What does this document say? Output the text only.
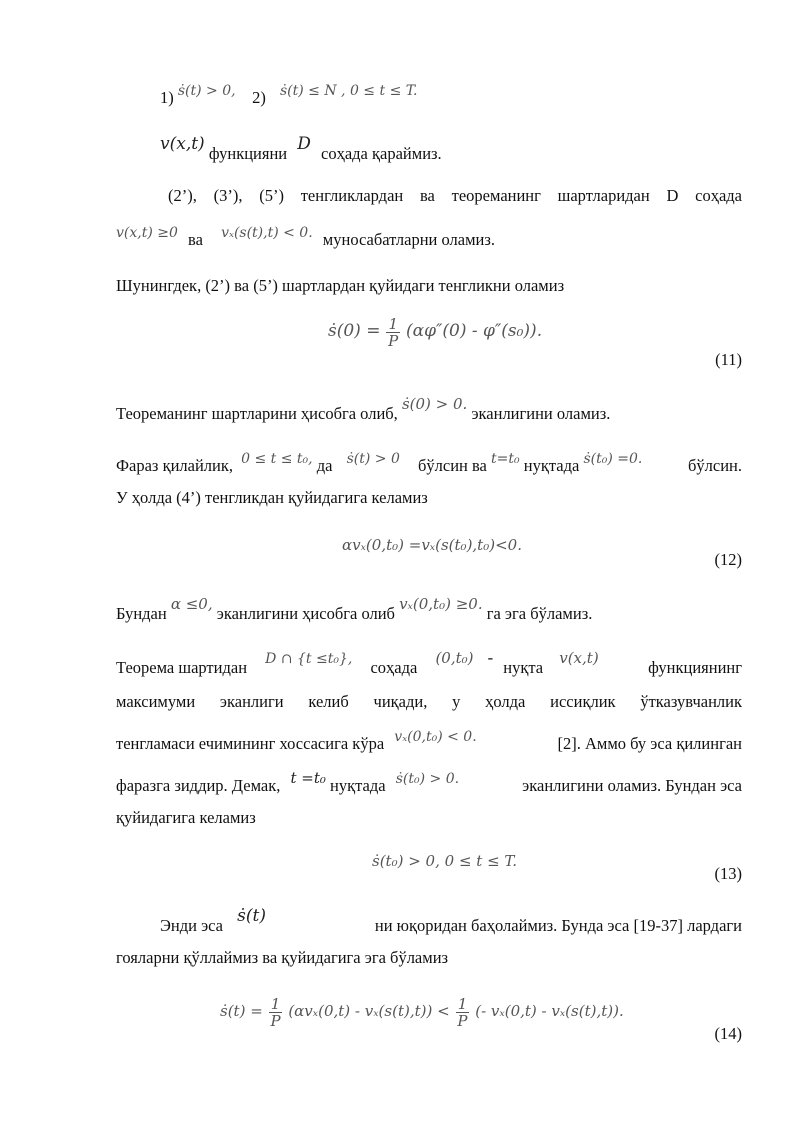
1) ṡ(t) > 0, 2) ṡ(t) ≤ N , 0 ≤ t ≤ T.
v(x,t) функцияни D соҳада қараймиз.
(2’), (3’), (5’) тенгликлардан ва теореманинг шартларидан D соҳада
v(x,t) ≥0 ва vₓ(s(t),t) < 0. муносабатларни оламиз.
Шунингдек, (2’) ва (5’) шартлардан қуйидаги тенгликни оламиз
ṡ(0) = $\frac{1}{P} (\alpha\varphi''(0) - \varphi''(s_0))$.
(11)
Теореманинг шартларини ҳисобга олиб, ṡ(0) > 0. эканлигини оламиз.
Фараз қилайлик, 0 ≤ t ≤ t₀, да ṡ(t) > 0 бўлсин ва t=t₀ нуқтада ṡ(t₀) =0.	бўлсин.
У ҳолда (4’) тенгликдан қуйидагига келамиз
αvₓ(0,t₀) =vₓ(s(t₀),t₀)<0.
(12)
Бундан α ≤0, эканлигини ҳисобга олиб vₓ(0,t₀) ≥0. га эга бўламиз.
Теорема шартидан D ∩ {t ≤t₀}, соҳада (0,t₀) - нуқта v(x,t)	функциянинг
максимуми эканлиги келиб чиқади, у ҳолда иссиқлик ўтказувчанлик
тенгламаси ечимининг хоссасига кўра vₓ(0,t₀) < 0.	[2]. Аммо бу эса қилинган
фаразга зиддир. Демак, t =t₀ нуқтада ṡ(t₀) > 0.	эканлигини оламиз. Бундан эса
қуйидагига келамиз
ṡ(t₀) > 0, 0 ≤ t ≤ T.
(13)
Энди эса ṡ(t)	ни юқоридан баҳолаймиз. Бунда эса [19-37] лардаги
гояларни қўллаймиз ва қуйидагига эга бўламиз
ṡ(t) = $\frac{1}{P} (\alpha v_x(0,t) - v_x(s(t),t)) < \frac{1}{P}$ (- vₓ(0,t) - vₓ(s(t),t)).
(14)
